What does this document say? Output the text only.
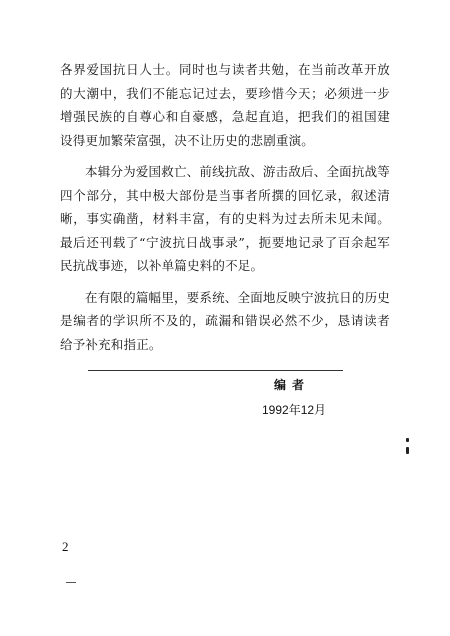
各界爱国抗日人士。同时也与读者共勉，在当前改革开放的大潮中，我们不能忘记过去，要珍惜今天；必须进一步增强民族的自尊心和自豪感，急起直追，把我们的祖国建设得更加繁荣富强，决不让历史的悲剧重演。

本辑分为爱国救亡、前线抗敌、游击敌后、全面抗战等四个部分，其中极大部份是当事者所撰的回忆录，叙述清晰，事实确凿，材料丰富，有的史料为过去所未见未闻。最后还刊载了“宁波抗日战事录”，扼要地记录了百余起军民抗战事迹，以补单篇史料的不足。

在有限的篇幅里，要系统、全面地反映宁波抗日的历史是编者的学识所不及的，疏漏和错误必然不少，恳请读者给予补充和指正。

编者
1992年12月
2
